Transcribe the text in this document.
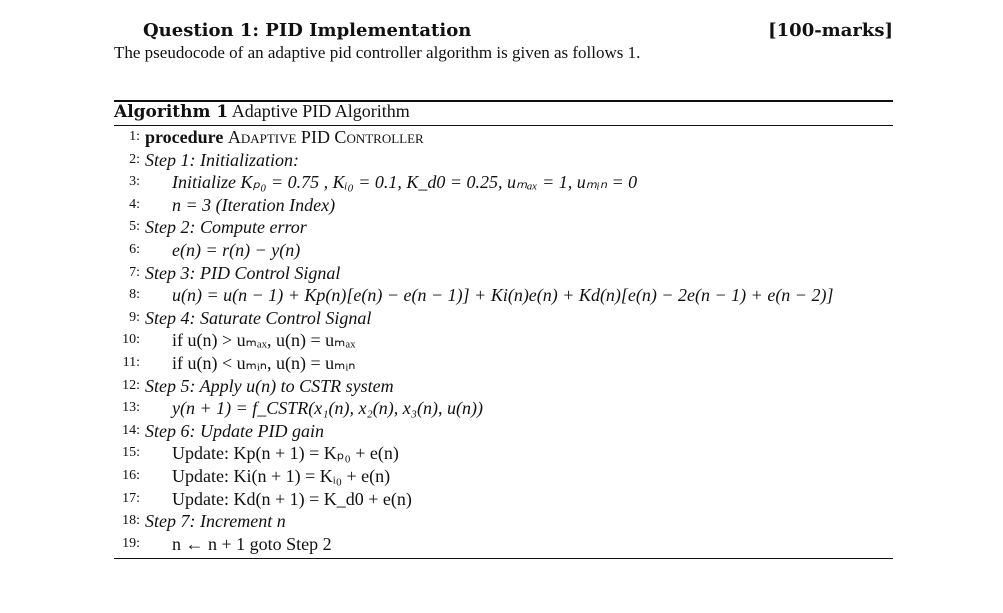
Question 1: PID Implementation	[100-marks]
The pseudocode of an adaptive pid controller algorithm is given as follows 1.
Algorithm 1 Adaptive PID Algorithm
1: procedure Adaptive PID Controller
2: Step 1: Initialization:
3: Initialize Kₚ₀ = 0.75 , Kᵢ₀ = 0.1, K_d0 = 0.25, uₘₐₓ = 1, uₘᵢₙ = 0
4: n = 3 (Iteration Index)
5: Step 2: Compute error
6: e(n) = r(n) − y(n)
7: Step 3: PID Control Signal
8: u(n) = u(n − 1) + Kp(n)[e(n) − e(n − 1)] + Ki(n)e(n) + Kd(n)[e(n) − 2e(n − 1) + e(n − 2)]
9: Step 4: Saturate Control Signal
10: if u(n) > uₘₐₓ, u(n) = uₘₐₓ
11: if u(n) < uₘᵢₙ, u(n) = uₘᵢₙ
12: Step 5: Apply u(n) to CSTR system
13: y(n + 1) = f_CSTR(x₁(n), x₂(n), x₃(n), u(n))
14: Step 6: Update PID gain
15: Update: Kp(n + 1) = Kₚ₀ + e(n)
16: Update: Ki(n + 1) = Kᵢ₀ + e(n)
17: Update: Kd(n + 1) = K_d0 + e(n)
18: Step 7: Increment n
19: n ← n + 1 goto Step 2
